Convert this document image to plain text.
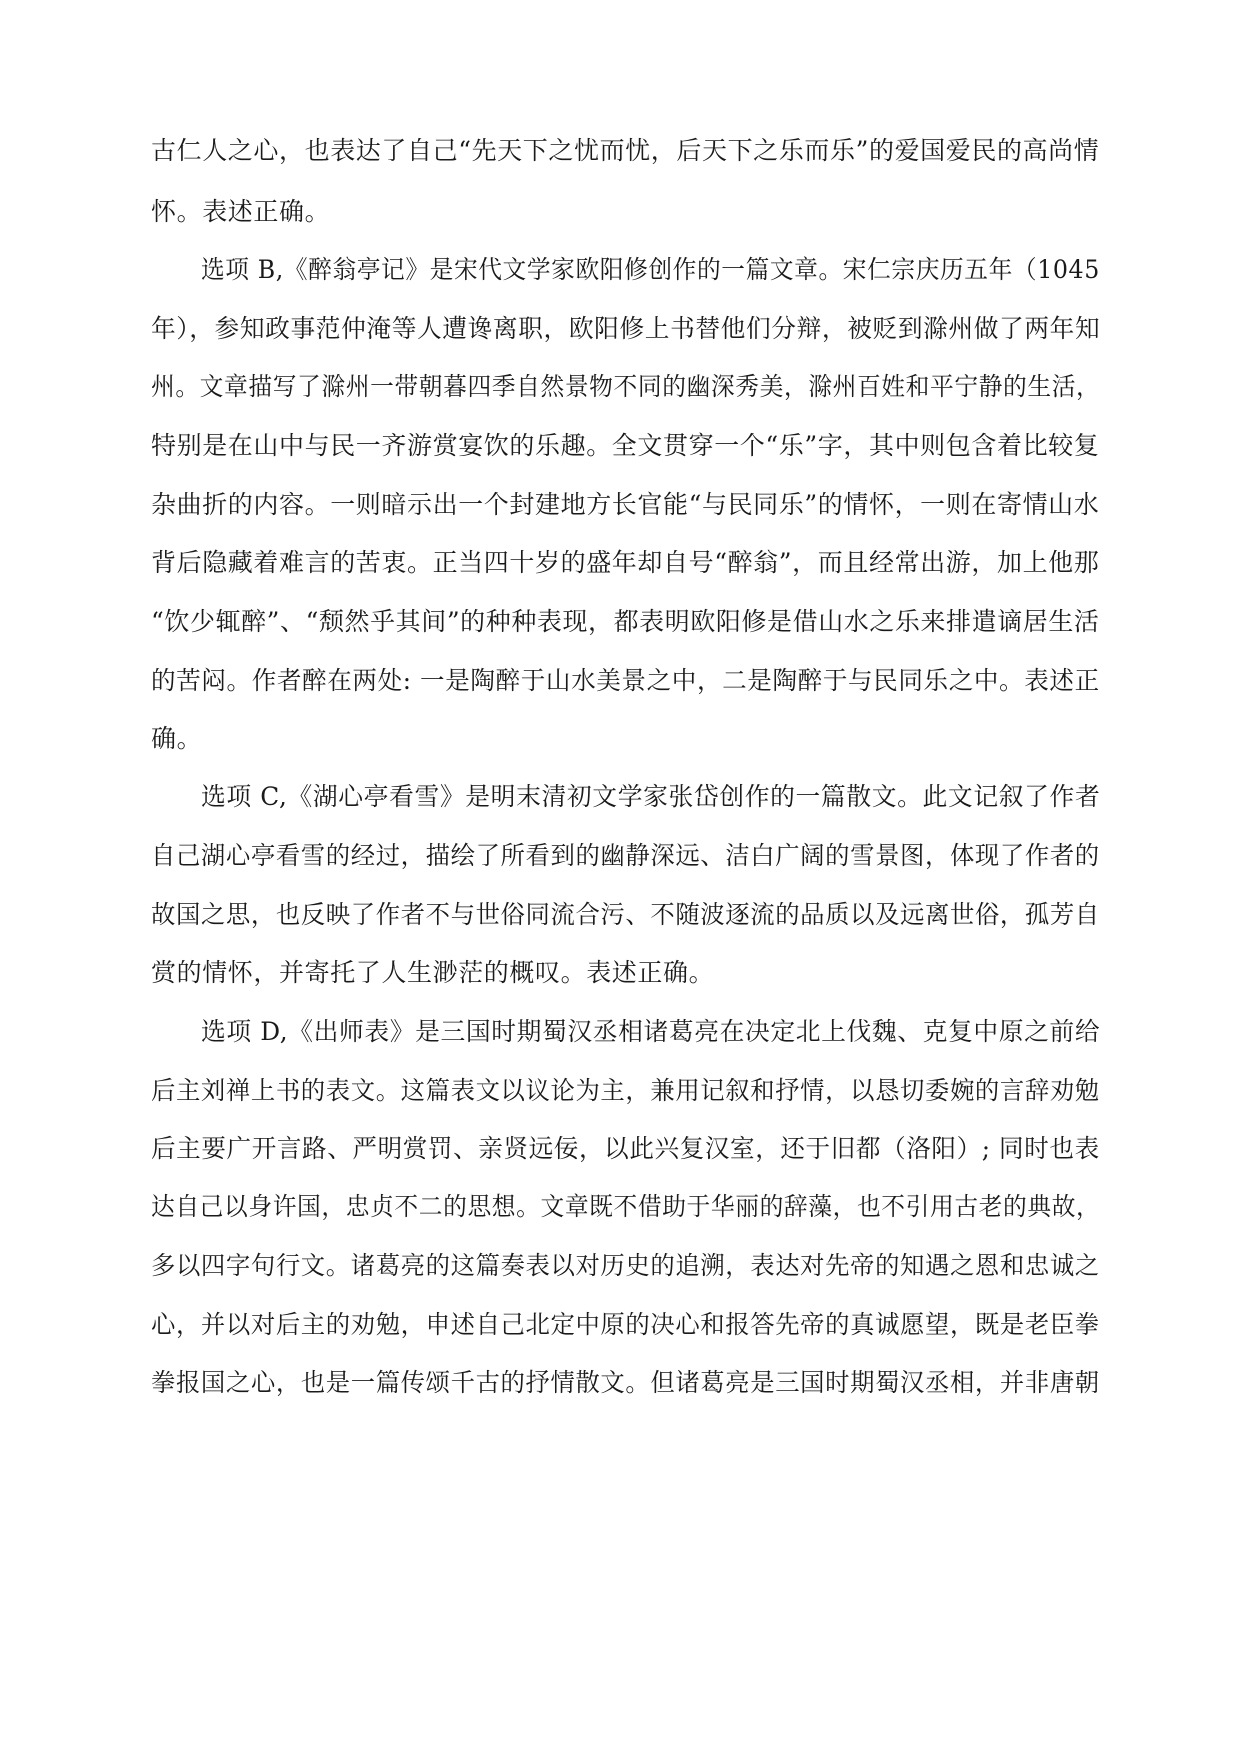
古仁人之心，也表达了自己“先天下之忧而忧，后天下之乐而乐”的爱国爱民的高尚情
怀。表述正确。
选项 B,《醉翁亭记》是宋代文学家欧阳修创作的一篇文章。宋仁宗庆历五年（1045
年），参知政事范仲淹等人遭谗离职，欧阳修上书替他们分辩，被贬到滁州做了两年知
州。文章描写了滁州一带朝暮四季自然景物不同的幽深秀美，滁州百姓和平宁静的生活，
特别是在山中与民一齐游赏宴饮的乐趣。全文贯穿一个“乐”字，其中则包含着比较复
杂曲折的内容。一则暗示出一个封建地方长官能“与民同乐”的情怀，一则在寄情山水
背后隐藏着难言的苦衷。正当四十岁的盛年却自号“醉翁”，而且经常出游，加上他那
“饮少辄醉”、“颓然乎其间”的种种表现，都表明欧阳修是借山水之乐来排遣谪居生活
的苦闷。作者醉在两处: 一是陶醉于山水美景之中，二是陶醉于与民同乐之中。表述正
确。
选项 C,《湖心亭看雪》是明末清初文学家张岱创作的一篇散文。此文记叙了作者
自己湖心亭看雪的经过，描绘了所看到的幽静深远、洁白广阔的雪景图，体现了作者的
故国之思，也反映了作者不与世俗同流合污、不随波逐流的品质以及远离世俗，孤芳自
赏的情怀，并寄托了人生渺茫的概叹。表述正确。
选项 D,《出师表》是三国时期蜀汉丞相诸葛亮在决定北上伐魏、克复中原之前给
后主刘禅上书的表文。这篇表文以议论为主，兼用记叙和抒情，以恳切委婉的言辞劝勉
后主要广开言路、严明赏罚、亲贤远佞，以此兴复汉室，还于旧都（洛阳）; 同时也表
达自己以身许国，忠贞不二的思想。文章既不借助于华丽的辞藻，也不引用古老的典故，
多以四字句行文。诸葛亮的这篇奏表以对历史的追溯，表达对先帝的知遇之恩和忠诚之
心，并以对后主的劝勉，申述自己北定中原的决心和报答先帝的真诚愿望，既是老臣拳
拳报国之心，也是一篇传颂千古的抒情散文。但诸葛亮是三国时期蜀汉丞相，并非唐朝
